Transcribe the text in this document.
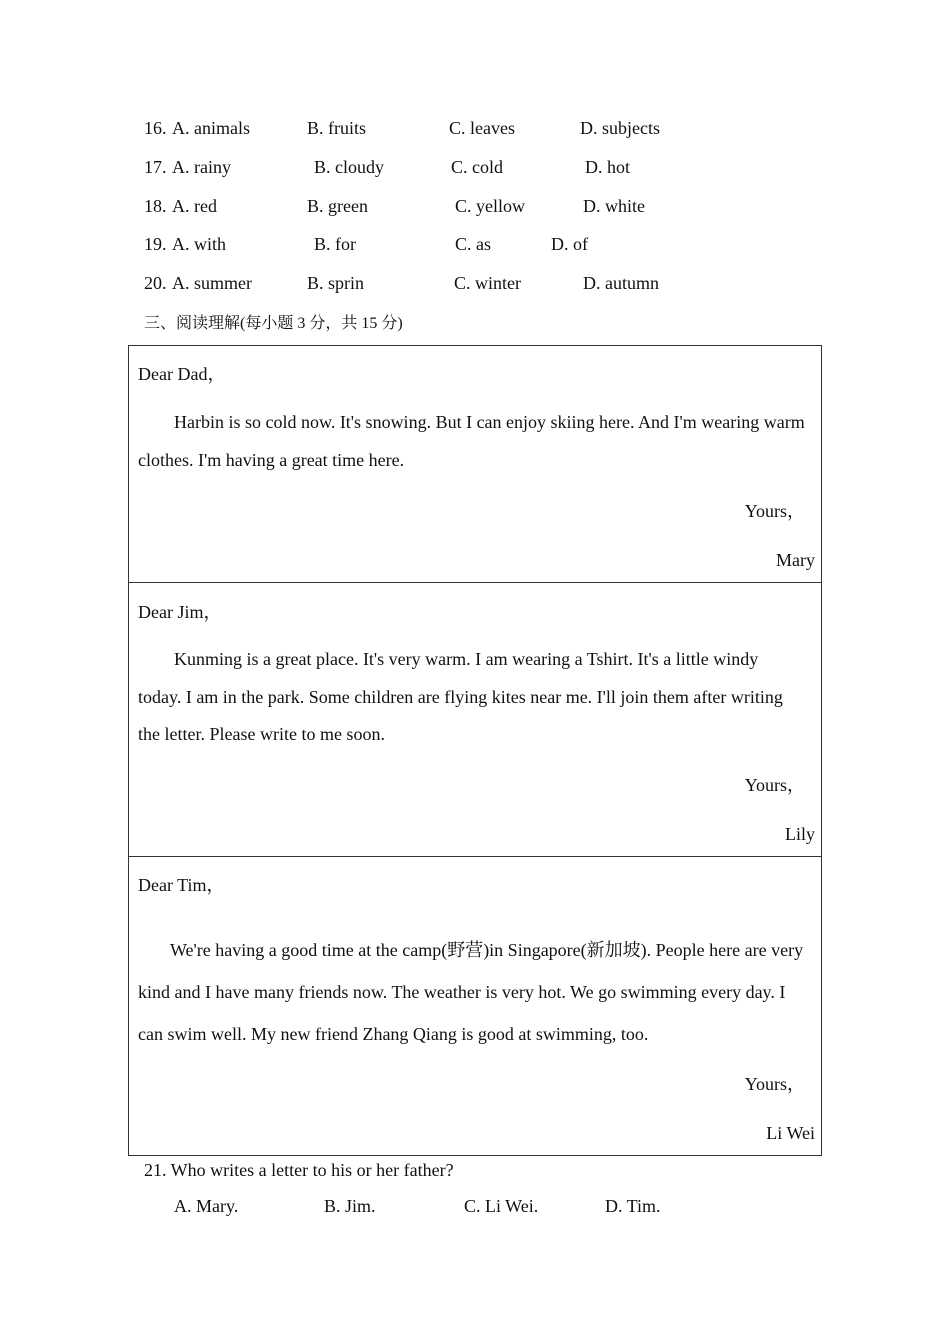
16. A. animals	B. fruits	C. leaves	D. subjects
17. A. rainy	B. cloudy	C. cold	D. hot
18. A. red	B. green	C. yellow	D. white
19. A. with	B. for	C. as	D. of
20. A. summer	B. sprin	C. winter	D. autumn
三、阅读理解(每小题 3 分，共 15 分)
Dear Dad，
Harbin is so cold now. It's snowing. But I can enjoy skiing here. And I'm wearing warm clothes. I'm having a great time here.
Yours，
Mary
Dear Jim，
Kunming is a great place. It's very warm. I am wearing a Tshirt. It's a little windy today. I am in the park. Some children are flying kites near me. I'll join them after writing the letter. Please write to me soon.
Yours，
Lily
Dear Tim，
We're having a good time at the camp(野营)in Singapore(新加坡). People here are very kind and I have many friends now. The weather is very hot. We go swimming every day. I can swim well. My new friend Zhang Qiang is good at swimming, too.
Yours，
Li Wei
21. Who writes a letter to his or her father?
A. Mary.	B. Jim.	C. Li Wei.	D. Tim.
